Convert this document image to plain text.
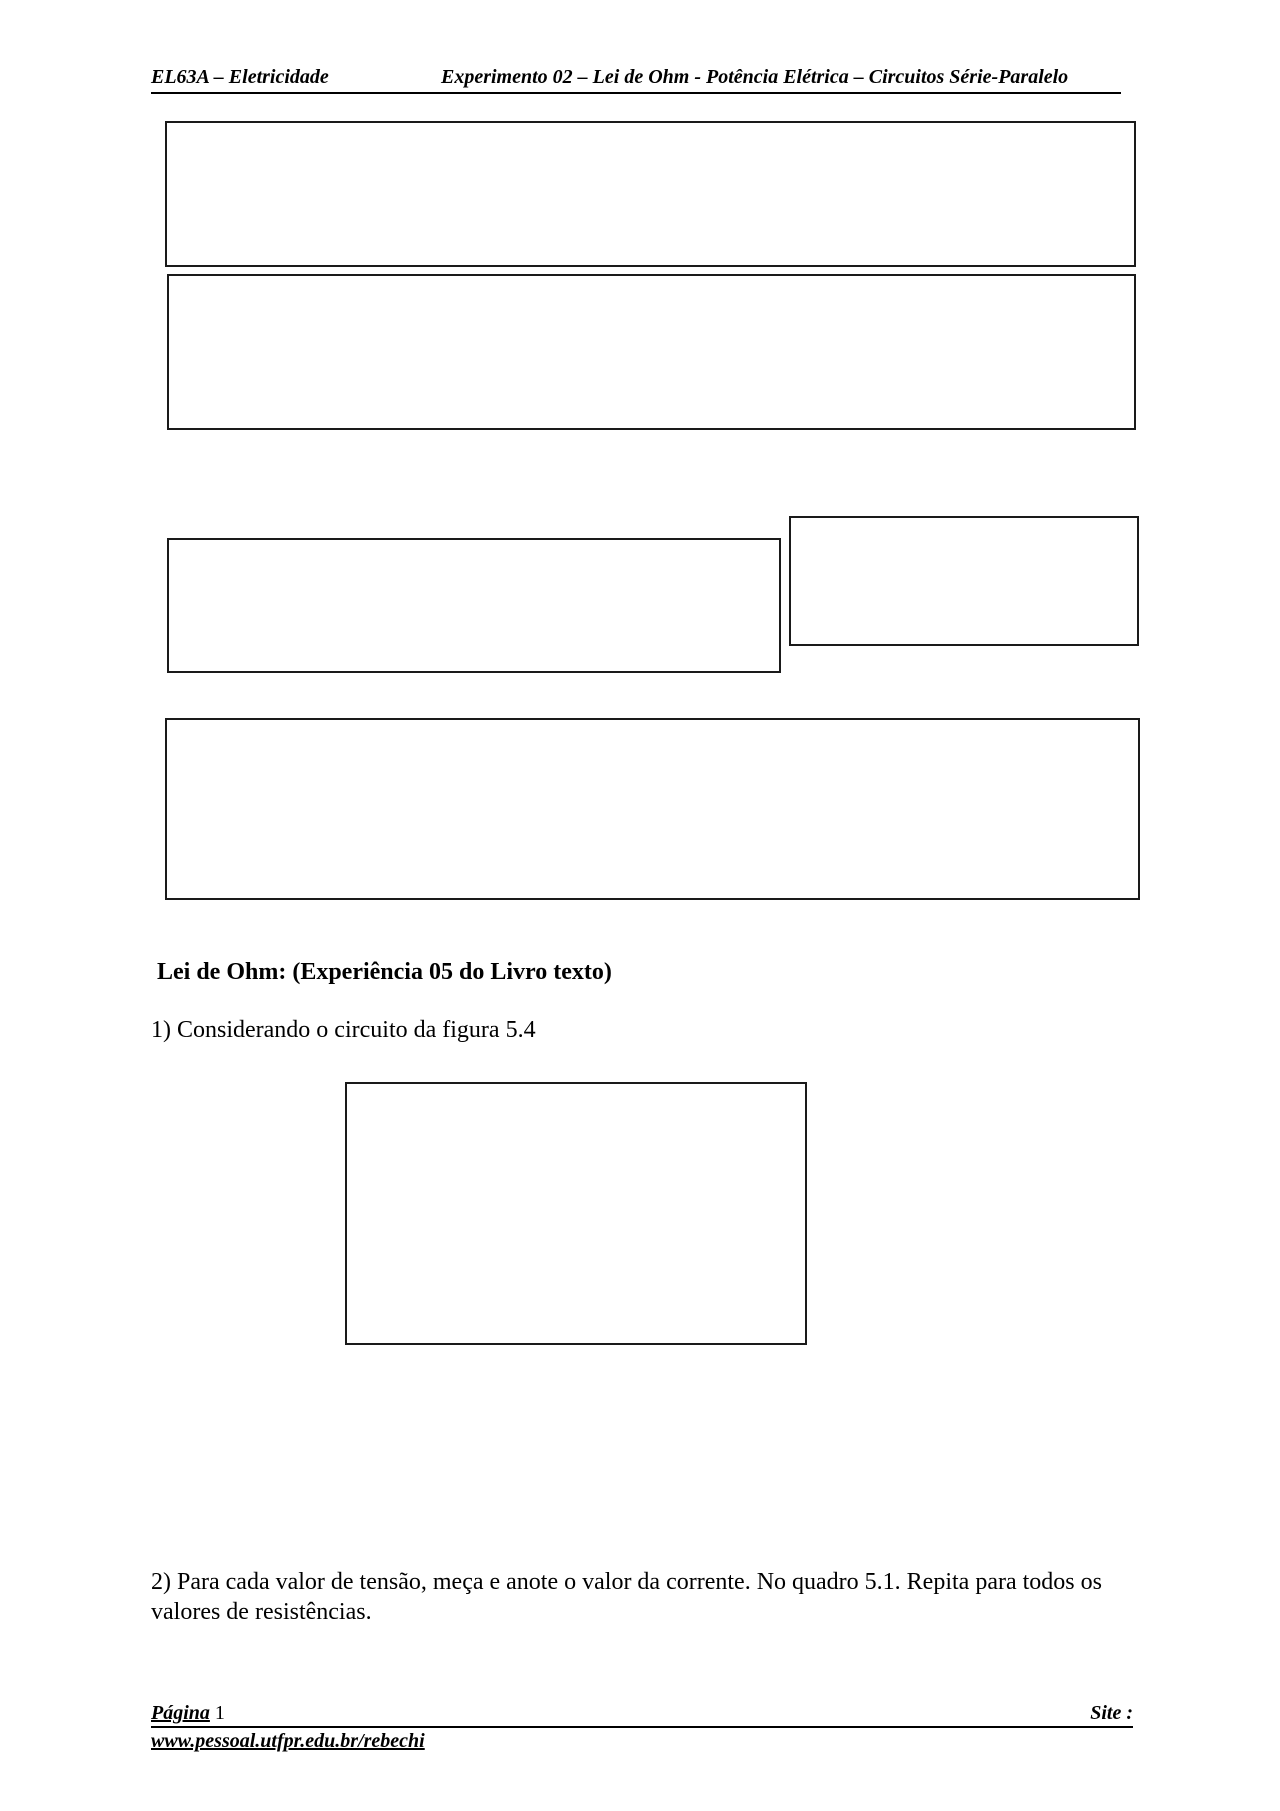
EL63A – Eletricidade	Experimento 02 – Lei de Ohm - Potência Elétrica – Circuitos Série-Paralelo
Lei de Ohm: (Experiência 05 do Livro texto)
1) Considerando o circuito da figura 5.4
2) Para cada valor de tensão, meça e anote o valor da corrente. No quadro 5.1. Repita para todos os valores de resistências.
Página 1	Site :
www.pessoal.utfpr.edu.br/rebechi
